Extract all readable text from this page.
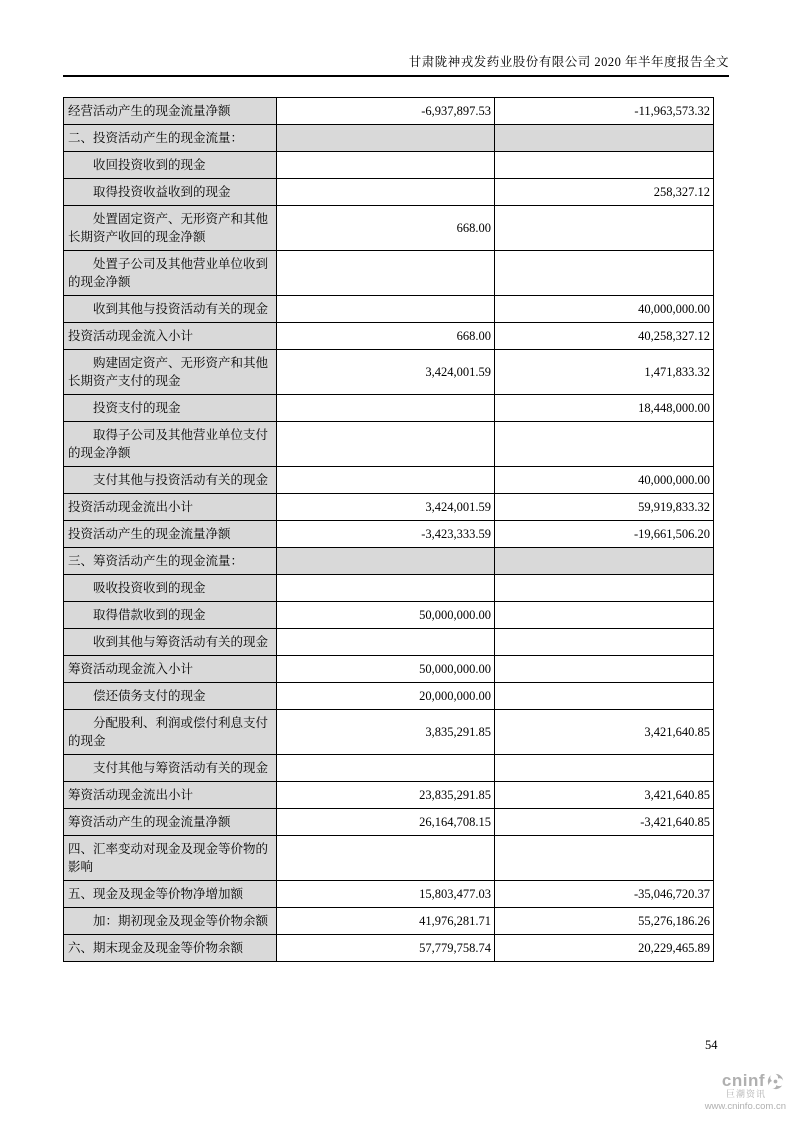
甘肃陇神戎发药业股份有限公司 2020 年半年度报告全文
经营活动产生的现金流量净额	-6,937,897.53	-11,963,573.32
二、投资活动产生的现金流量：		
收回投资收到的现金		
取得投资收益收到的现金		258,327.12
处置固定资产、无形资产和其他长期资产收回的现金净额	668.00	
处置子公司及其他营业单位收到的现金净额		
收到其他与投资活动有关的现金		40,000,000.00
投资活动现金流入小计	668.00	40,258,327.12
购建固定资产、无形资产和其他长期资产支付的现金	3,424,001.59	1,471,833.32
投资支付的现金		18,448,000.00
取得子公司及其他营业单位支付的现金净额		
支付其他与投资活动有关的现金		40,000,000.00
投资活动现金流出小计	3,424,001.59	59,919,833.32
投资活动产生的现金流量净额	-3,423,333.59	-19,661,506.20
三、筹资活动产生的现金流量：		
吸收投资收到的现金		
取得借款收到的现金	50,000,000.00	
收到其他与筹资活动有关的现金		
筹资活动现金流入小计	50,000,000.00	
偿还债务支付的现金	20,000,000.00	
分配股利、利润或偿付利息支付的现金	3,835,291.85	3,421,640.85
支付其他与筹资活动有关的现金		
筹资活动现金流出小计	23,835,291.85	3,421,640.85
筹资活动产生的现金流量净额	26,164,708.15	-3,421,640.85
四、汇率变动对现金及现金等价物的影响		
五、现金及现金等价物净增加额	15,803,477.03	-35,046,720.37
加：期初现金及现金等价物余额	41,976,281.71	55,276,186.26
六、期末现金及现金等价物余额	57,779,758.74	20,229,465.89
54
cninf
巨潮资讯
www.cninfo.com.cn
